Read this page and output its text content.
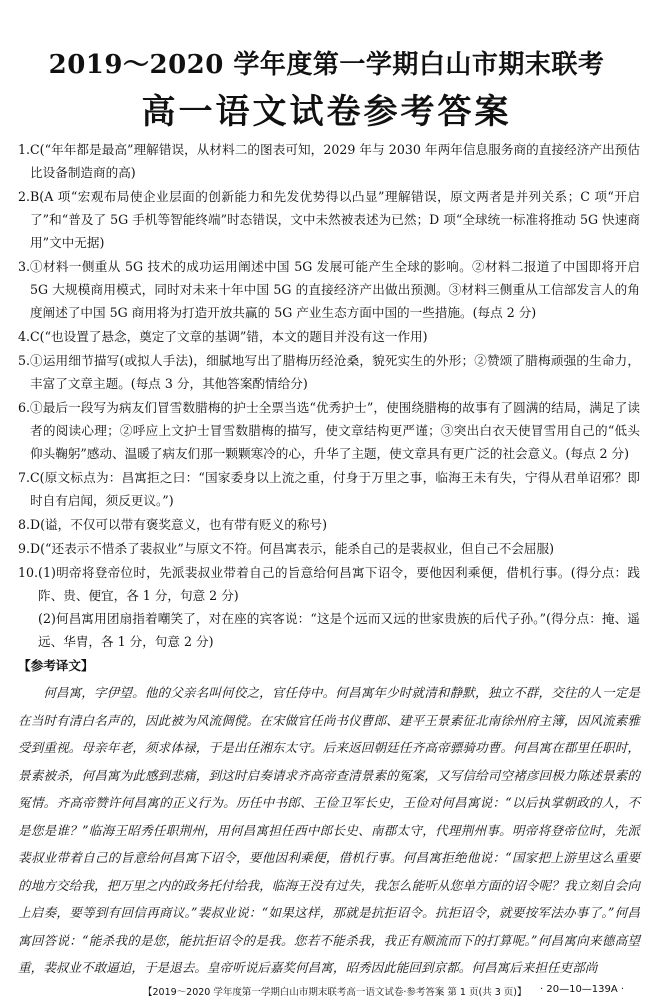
2019～2020 学年度第一学期白山市期末联考
高一语文试卷参考答案
1. C(“年年都是最高”理解错误，从材料二的图表可知，2029 年与 2030 年两年信息服务商的直接经济产出预估比设备制造商的高)
2. B(A 项“宏观布局使企业层面的创新能力和先发优势得以凸显”理解错误，原文两者是并列关系；C 项“开启了”和“普及了 5G 手机等智能终端”时态错误，文中未然被表述为已然；D 项“全球统一标准将推动 5G 快速商用”文中无据)
3. ①材料一侧重从 5G 技术的成功运用阐述中国 5G 发展可能产生全球的影响。②材料二报道了中国即将开启 5G 大规模商用模式，同时对未来十年中国 5G 的直接经济产出做出预测。③材料三侧重从工信部发言人的角度阐述了中国 5G 商用将为打造开放共赢的 5G 产业生态方面中国的一些措施。(每点 2 分)
4. C(“也设置了悬念，奠定了文章的基调”错，本文的题目并没有这一作用)
5. ①运用细节描写(或拟人手法)，细腻地写出了腊梅历经沧桑，貌死实生的外形；②赞颂了腊梅顽强的生命力，丰富了文章主题。(每点 3 分，其他答案酌情给分)
6. ①最后一段写为病友们冒雪数腊梅的护士全票当选“优秀护士”，使围绕腊梅的故事有了圆满的结局，满足了读者的阅读心理；②呼应上文护士冒雪数腊梅的描写，使文章结构更严谨；③突出白衣天使冒雪用自己的“低头仰头鞠躬”感动、温暖了病友们那一颗颗寒冷的心，升华了主题，使文章具有更广泛的社会意义。(每点 2 分)
7. C(原文标点为：昌寓拒之曰：“国家委身以上流之重，付身于万里之事，临海王未有失，宁得从君单诏邪？即时自有启闻，须反更议。”)
8. D(谥，不仅可以带有褒奖意义，也有带有贬义的称号)
9. D(“还表示不惜杀了裴叔业”与原文不符。何昌寓表示，能杀自己的是裴叔业，但自己不会屈服)
10. (1)明帝将登帝位时，先派裴叔业带着自己的旨意给何昌寓下诏令，要他因利乘便，借机行事。(得分点：践阼、贵、便宜，各 1 分，句意 2 分)
(2)何昌寓用团扇指着嘲笑了，对在座的宾客说：“这是个远而又远的世家贵族的后代子孙。”(得分点：掩、遥远、华胄，各 1 分，句意 2 分)
【参考译文】
何昌寓，字伊望。他的父亲名叫何佼之，官任侍中。何昌寓年少时就清和静默，独立不群，交往的人一定是在当时有清白名声的，因此被为风流倜傥。在宋做官任尚书仪曹郎、建平王景素征北南徐州府主簿，因风流素雅受到重视。母亲年老，须求体禄，于是出任湘东太守。后来返回朝廷任齐高帝骠骑功曹。何昌寓在郡里任职时，景素被杀，何昌寓为此感到悲痛，到这时启奏请求齐高帝查清景素的冤案，又写信给司空褚彦回极力陈述景素的冤情。齐高帝赞许何昌寓的正义行为。历任中书郎、王俭卫军长史，王俭对何昌寓说：“以后执掌朝政的人，不是您是谁？”临海王昭秀任职荆州，用何昌寓担任西中郎长史、南郡太守，代理荆州事。明帝将登帝位时，先派裴叔业带着自己的旨意给何昌寓下诏令，要他因利乘便，借机行事。何昌寓拒绝他说：“国家把上游里这么重要的地方交给我，把万里之内的政务托付给我，临海王没有过失，我怎么能听从您单方面的诏令呢？我立刻自会向上启奏，要等到有回信再商议。”裴叔业说：“如果这样，那就是抗拒诏令。抗拒诏令，就要按军法办事了。”何昌寓回答说：“能杀我的是您，能抗拒诏令的是我。您若不能杀我，我正有顺流而下的打算呢。”何昌寓向来德高望重，裴叔业不敢逼迫，于是退去。皇帝听说后嘉奖何昌寓，昭秀因此能回到京都。何昌寓后来担任吏部尚
【2019～2020 学年度第一学期白山市期末联考高一语文试卷·参考答案 第 1 页(共 3 页)】 · 20—10—139A ·
